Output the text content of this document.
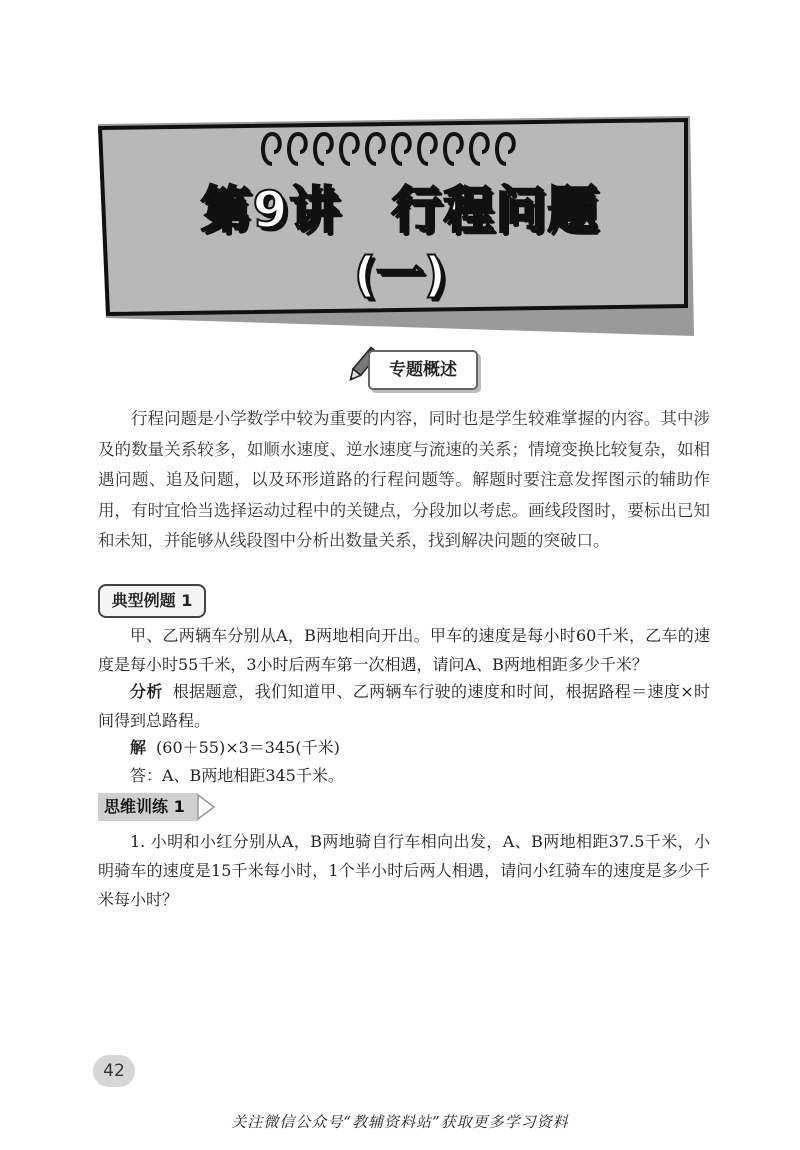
第9讲 行程问题
(一)
专题概述

行程问题是小学数学中较为重要的内容，同时也是学生较难掌握的内容。其中涉及的数量关系较多，如顺水速度、逆水速度与流速的关系；情境变换比较复杂，如相遇问题、追及问题，以及环形道路的行程问题等。解题时要注意发挥图示的辅助作用，有时宜恰当选择运动过程中的关键点，分段加以考虑。画线段图时，要标出已知和未知，并能够从线段图中分析出数量关系，找到解决问题的突破口。

典型例题 1

甲、乙两辆车分别从A，B两地相向开出。甲车的速度是每小时60千米，乙车的速度是每小时55千米，3小时后两车第一次相遇，请问A、B两地相距多少千米？

分析 根据题意，我们知道甲、乙两辆车行驶的速度和时间，根据路程＝速度×时间得到总路程。

解 (60＋55)×3＝345(千米)

答：A、B两地相距345千米。

思维训练 1

1. 小明和小红分别从A，B两地骑自行车相向出发，A、B两地相距37.5千米，小明骑车的速度是15千米每小时，1个半小时后两人相遇，请问小红骑车的速度是多少千米每小时？

42
关注微信公众号“教辅资料站”获取更多学习资料
